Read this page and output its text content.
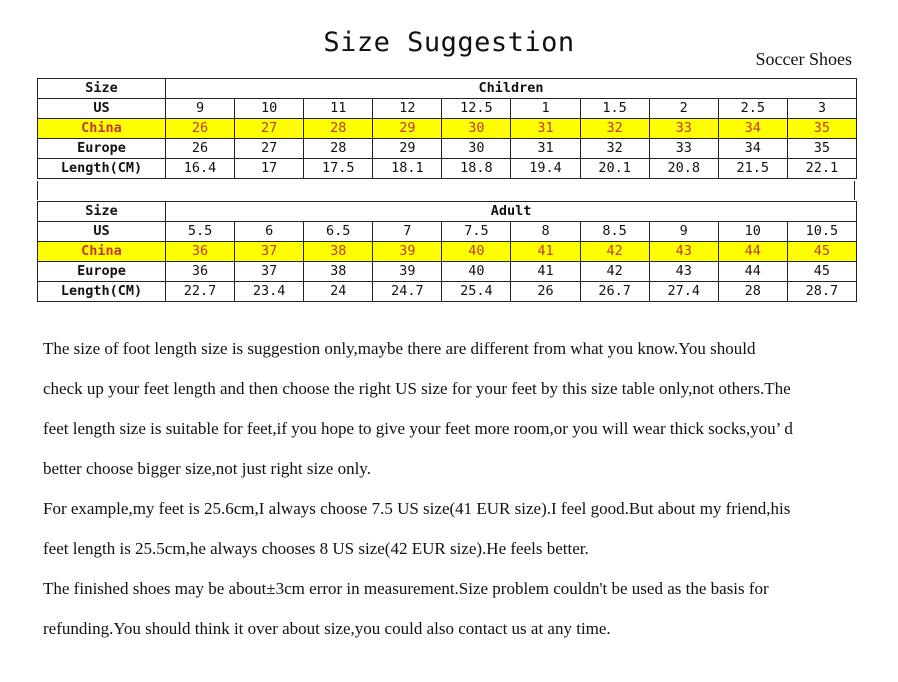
Size Suggestion
Soccer Shoes
Size	Children									
US	9	10	11	12	12.5	1	1.5	2	2.5	3
China	26	27	28	29	30	31	32	33	34	35
Europe	26	27	28	29	30	31	32	33	34	35
Length(CM)	16.4	17	17.5	18.1	18.8	19.4	20.1	20.8	21.5	22.1
Size	Adult									
US	5.5	6	6.5	7	7.5	8	8.5	9	10	10.5
China	36	37	38	39	40	41	42	43	44	45
Europe	36	37	38	39	40	41	42	43	44	45
Length(CM)	22.7	23.4	24	24.7	25.4	26	26.7	27.4	28	28.7

The size of foot length size is suggestion only,maybe there are different from what you know.You should

check up your feet length and then choose the right US size for your feet by this size table only,not others.The

feet length size is suitable for feet,if you hope to give your feet more room,or you will wear thick socks,you’ d

better choose bigger size,not just right size only.

For example,my feet is 25.6cm,I always choose 7.5 US size(41 EUR size).I feel good.But about my friend,his

feet length is 25.5cm,he always chooses 8 US size(42 EUR size).He feels better.

The finished shoes may be about±3cm error in measurement.Size problem couldn't be used as the basis for

refunding.You should think it over about size,you could also contact us at any time.
